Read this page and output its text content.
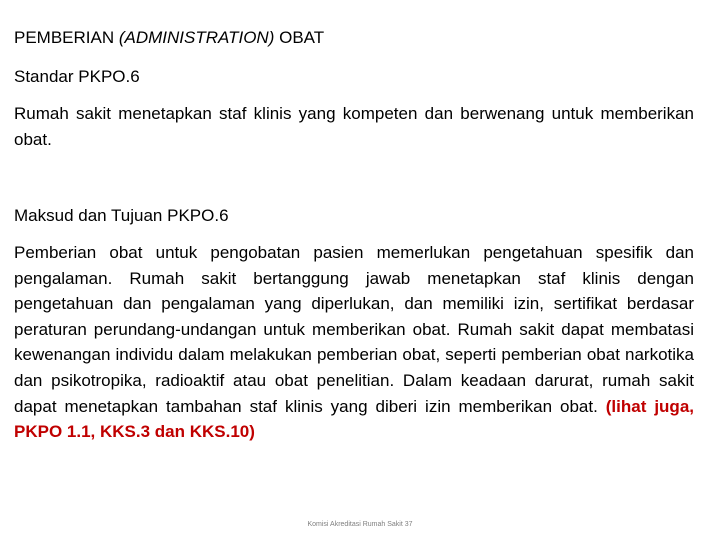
PEMBERIAN (ADMINISTRATION) OBAT

Standar PKPO.6

Rumah sakit menetapkan staf klinis yang kompeten dan berwenang untuk memberikan obat.

Maksud dan Tujuan PKPO.6

Pemberian obat untuk pengobatan pasien memerlukan pengetahuan spesifik dan pengalaman. Rumah sakit bertanggung jawab menetapkan staf klinis dengan pengetahuan dan pengalaman yang diperlukan, dan memiliki izin, sertifikat berdasar peraturan perundang-undangan untuk memberikan obat. Rumah sakit dapat membatasi kewenangan individu dalam melakukan pemberian obat, seperti pemberian obat narkotika dan psikotropika, radioaktif atau obat penelitian. Dalam keadaan darurat, rumah sakit dapat menetapkan tambahan staf klinis yang diberi izin memberikan obat. (lihat juga, PKPO 1.1, KKS.3 dan KKS.10)

Komisi Akreditasi Rumah Sakit 37
